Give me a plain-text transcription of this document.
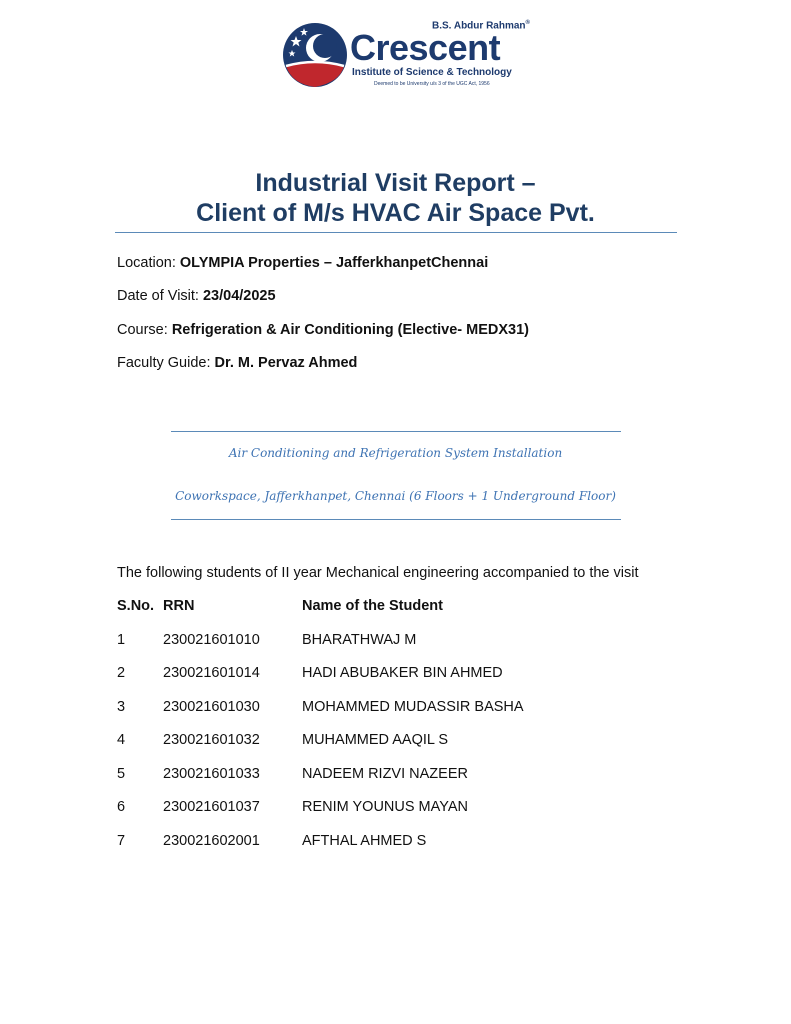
B.S. Abdur Rahman®
Crescent
Institute of Science & Technology
Deemed to be University u/s 3 of the UGC Act, 1956
Industrial Visit Report –
Client of M/s HVAC Air Space Pvt.
Location: OLYMPIA Properties – JafferkhanpetChennai
Date of Visit: 23/04/2025
Course: Refrigeration & Air Conditioning (Elective- MEDX31)
Faculty Guide: Dr. M. Pervaz Ahmed
Air Conditioning and Refrigeration System Installation
Coworkspace, Jafferkhanpet, Chennai (6 Floors + 1 Underground Floor)
The following students of II year Mechanical engineering accompanied to the visit
S.No. RRN	Name of the Student
1	230021601010	BHARATHWAJ M
2	230021601014	HADI ABUBAKER BIN AHMED
3	230021601030	MOHAMMED MUDASSIR BASHA
4	230021601032	MUHAMMED AAQIL S
5	230021601033	NADEEM RIZVI NAZEER
6	230021601037	RENIM YOUNUS MAYAN
7	230021602001	AFTHAL AHMED S
